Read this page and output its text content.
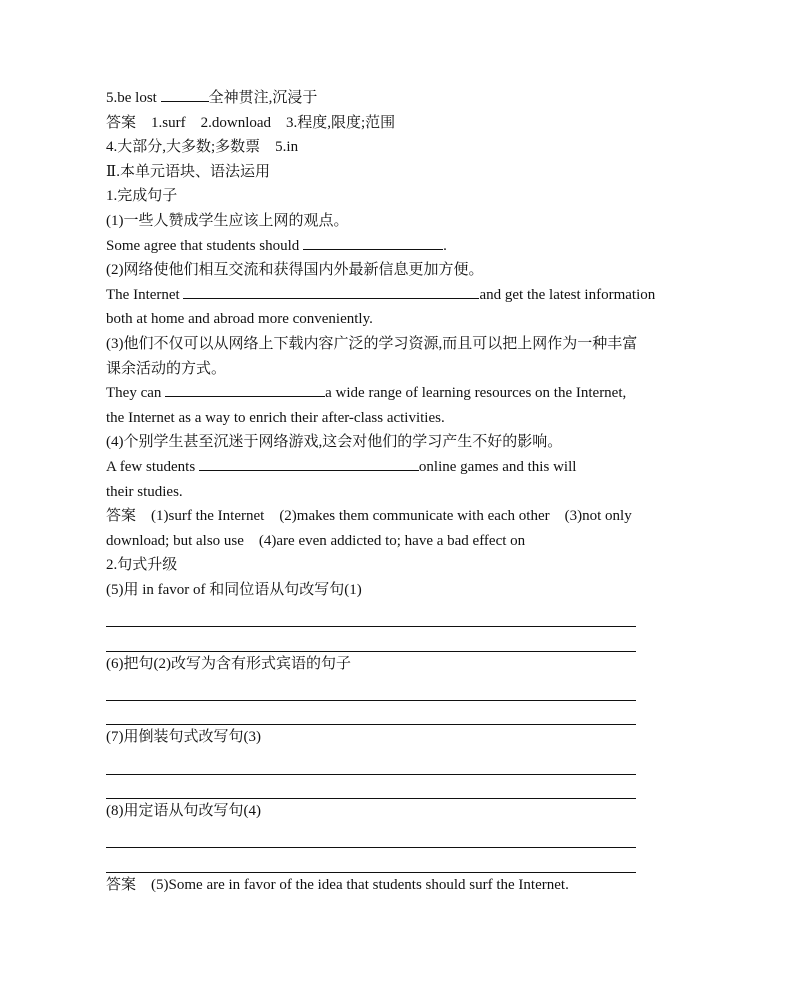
5.be lost	全神贯注,沉浸于
答案　 1.surf　2.download　3.程度,限度;范围
4.大部分,大多数;多数票　5.in
Ⅱ.本单元语块、语法运用
1.完成句子
(1)一些人赞成学生应该上网的观点。
Some agree that students should	.
(2)网络使他们相互交流和获得国内外最新信息更加方便。
The Internet	and get the latest information
both at home and abroad more conveniently.
(3)他们不仅可以从网络上下载内容广泛的学习资源,而且可以把上网作为一种丰富
课余活动的方式。
They can	a wide range of learning resources on the Internet,
the Internet as a way to enrich their after-class activities.
(4)个别学生甚至沉迷于网络游戏,这会对他们的学习产生不好的影响。
A few students	online games and this will
their studies.
答案　 (1)surf the Internet　(2)makes them communicate with each other　(3)not only
download; but also use　(4)are even addicted to; have a bad effect on
2.句式升级
(5)用 in favor of 和同位语从句改写句(1)
(6)把句(2)改写为含有形式宾语的句子
(7)用倒装句式改写句(3)
(8)用定语从句改写句(4)
答案　 (5)Some are in favor of the idea that students should surf the Internet.
